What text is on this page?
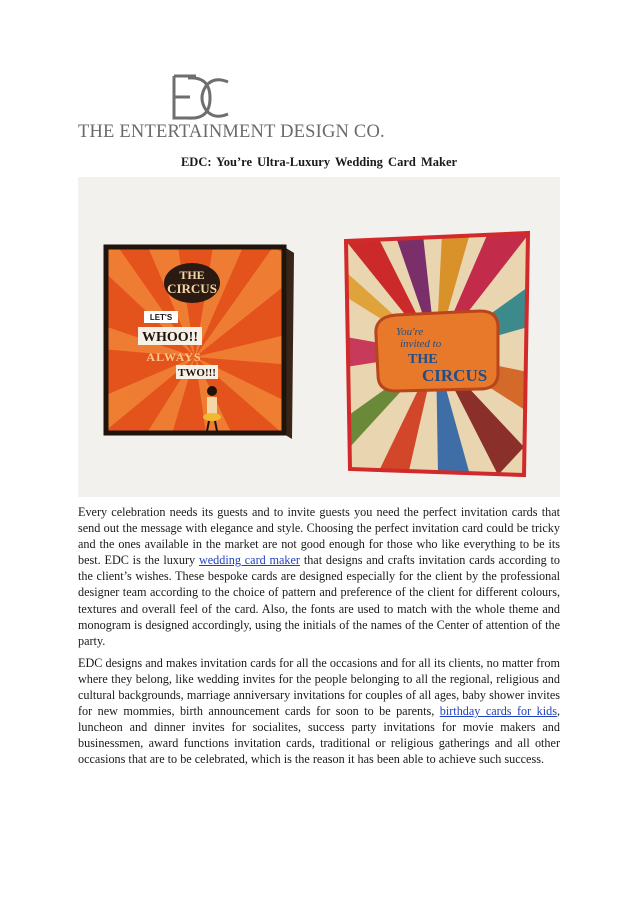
THE ENTERTAINMENT DESIGN CO.
EDC: You’re Ultra-Luxury Wedding Card Maker
THE
CIRCUS
LET'S
WHOO!!
ALWAYS
TWO!!!
You're
invited to
THE
CIRCUS

Every celebration needs its guests and to invite guests you need the perfect invitation cards that send out the message with elegance and style. Choosing the perfect invitation card could be tricky and the ones available in the market are not good enough for those who like everything to be its best. EDC is the luxury wedding card maker that designs and crafts invitation cards according to the client’s wishes. These bespoke cards are designed especially for the client by the professional designer team according to the choice of pattern and preference of the client for different colours, textures and overall feel of the card. Also, the fonts are used to match with the whole theme and monogram is designed accordingly, using the initials of the names of the Center of attention of the party.

EDC designs and makes invitation cards for all the occasions and for all its clients, no matter from where they belong, like wedding invites for the people belonging to all the regional, religious and cultural backgrounds, marriage anniversary invitations for couples of all ages, baby shower invites for new mommies, birth announcement cards for soon to be parents, birthday cards for kids, luncheon and dinner invites for socialites, success party invitations for movie makers and businessmen, award functions invitation cards, traditional or religious gatherings and all other occasions that are to be celebrated, which is the reason it has been able to achieve such success.
